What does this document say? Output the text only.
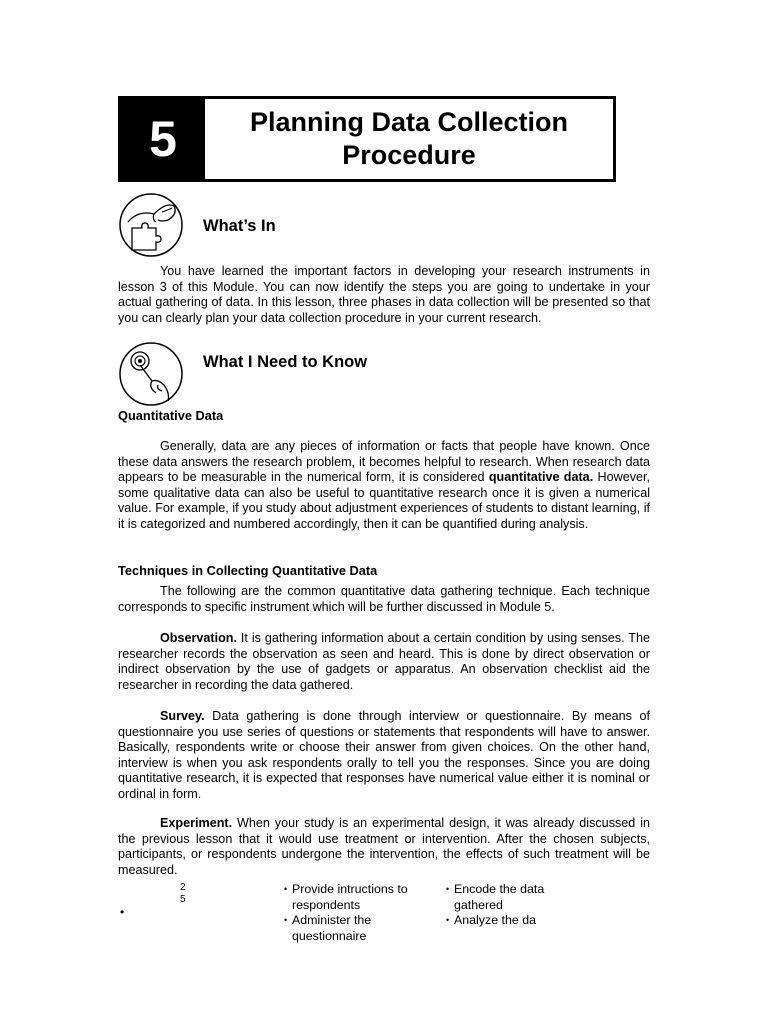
5	Planning Data Collection
Procedure
What’s In
You have learned the important factors in developing your research instruments in lesson 3 of this Module. You can now identify the steps you are going to undertake in your actual gathering of data. In this lesson, three phases in data collection will be presented so that you can clearly plan your data collection procedure in your current research.
What I Need to Know
Quantitative Data
Generally, data are any pieces of information or facts that people have known. Once these data answers the research problem, it becomes helpful to research. When research data appears to be measurable in the numerical form, it is considered quantitative data. However, some qualitative data can also be useful to quantitative research once it is given a numerical value. For example, if you study about adjustment experiences of students to distant learning, if it is categorized and numbered accordingly, then it can be quantified during analysis.
Techniques in Collecting Quantitative Data
The following are the common quantitative data gathering technique. Each technique corresponds to specific instrument which will be further discussed in Module 5.
Observation. It is gathering information about a certain condition by using senses. The researcher records the observation as seen and heard. This is done by direct observation or indirect observation by the use of gadgets or apparatus. An observation checklist aid the researcher in recording the data gathered.
Survey. Data gathering is done through interview or questionnaire. By means of questionnaire you use series of questions or statements that respondents will have to answer. Basically, respondents write or choose their answer from given choices. On the other hand, interview is when you ask respondents orally to tell you the responses. Since you are doing quantitative research, it is expected that responses have numerical value either it is nominal or ordinal in form.
Experiment. When your study is an experimental design, it was already discussed in the previous lesson that it would use treatment or intervention. After the chosen subjects, participants, or respondents undergone the intervention, the effects of such treatment will be measured.
2
5
•
• Provide intructions to respondents
• Administer the questionnaire
• Encode the data gathered
• Analyze the da
